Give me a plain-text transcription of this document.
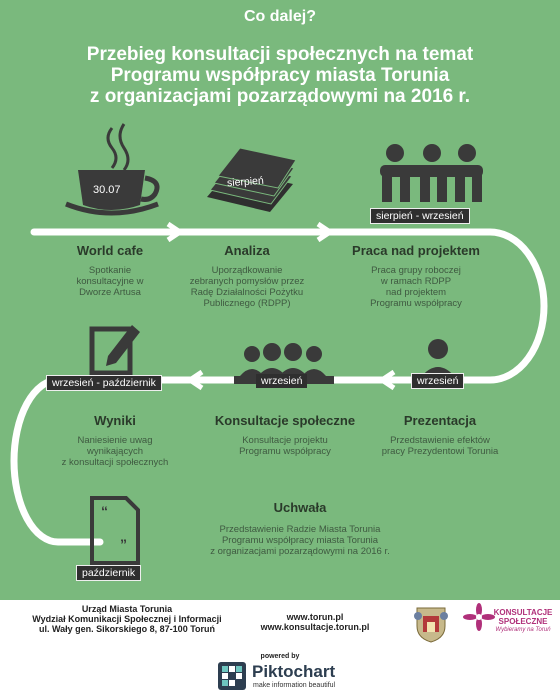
Co dalej?
Przebieg konsultacji społecznych na temat
Programu współpracy miasta Torunia
z organizacjami pozarządowymi na 2016 r.
“
”
30.07
sierpień
sierpień - wrzesień
wrzesień
wrzesień
wrzesień - październik
październik
World cafe
Spotkanie
konsultacyjne w
Dworze Artusa
Analiza
Uporządkowanie
zebranych pomysłów przez
Radę Działalności Pożytku
Publicznego (RDPP)
Praca nad projektem
Praca grupy roboczej
w ramach RDPP
nad projektem
Programu współpracy
Prezentacja
Przedstawienie efektów
pracy Prezydentowi Torunia
Konsultacje społeczne
Konsultacje projektu
Programu współpracy
Wyniki
Naniesienie uwag
wynikających
z konsultacji społecznych
Uchwała
Przedstawienie Radzie Miasta Torunia
Programu współpracy miasta Torunia
z organizacjami pozarządowymi na 2016 r.
Urząd Miasta Torunia
Wydział Komunikacji Społecznej i Informacji
ul. Wały gen. Sikorskiego 8, 87-100 Toruń
www.torun.pl
www.konsultacje.torun.pl
KONSULTACJE
SPOŁECZNE
Wybieramy na Toruń
powered by
Piktochart
make information beautiful
